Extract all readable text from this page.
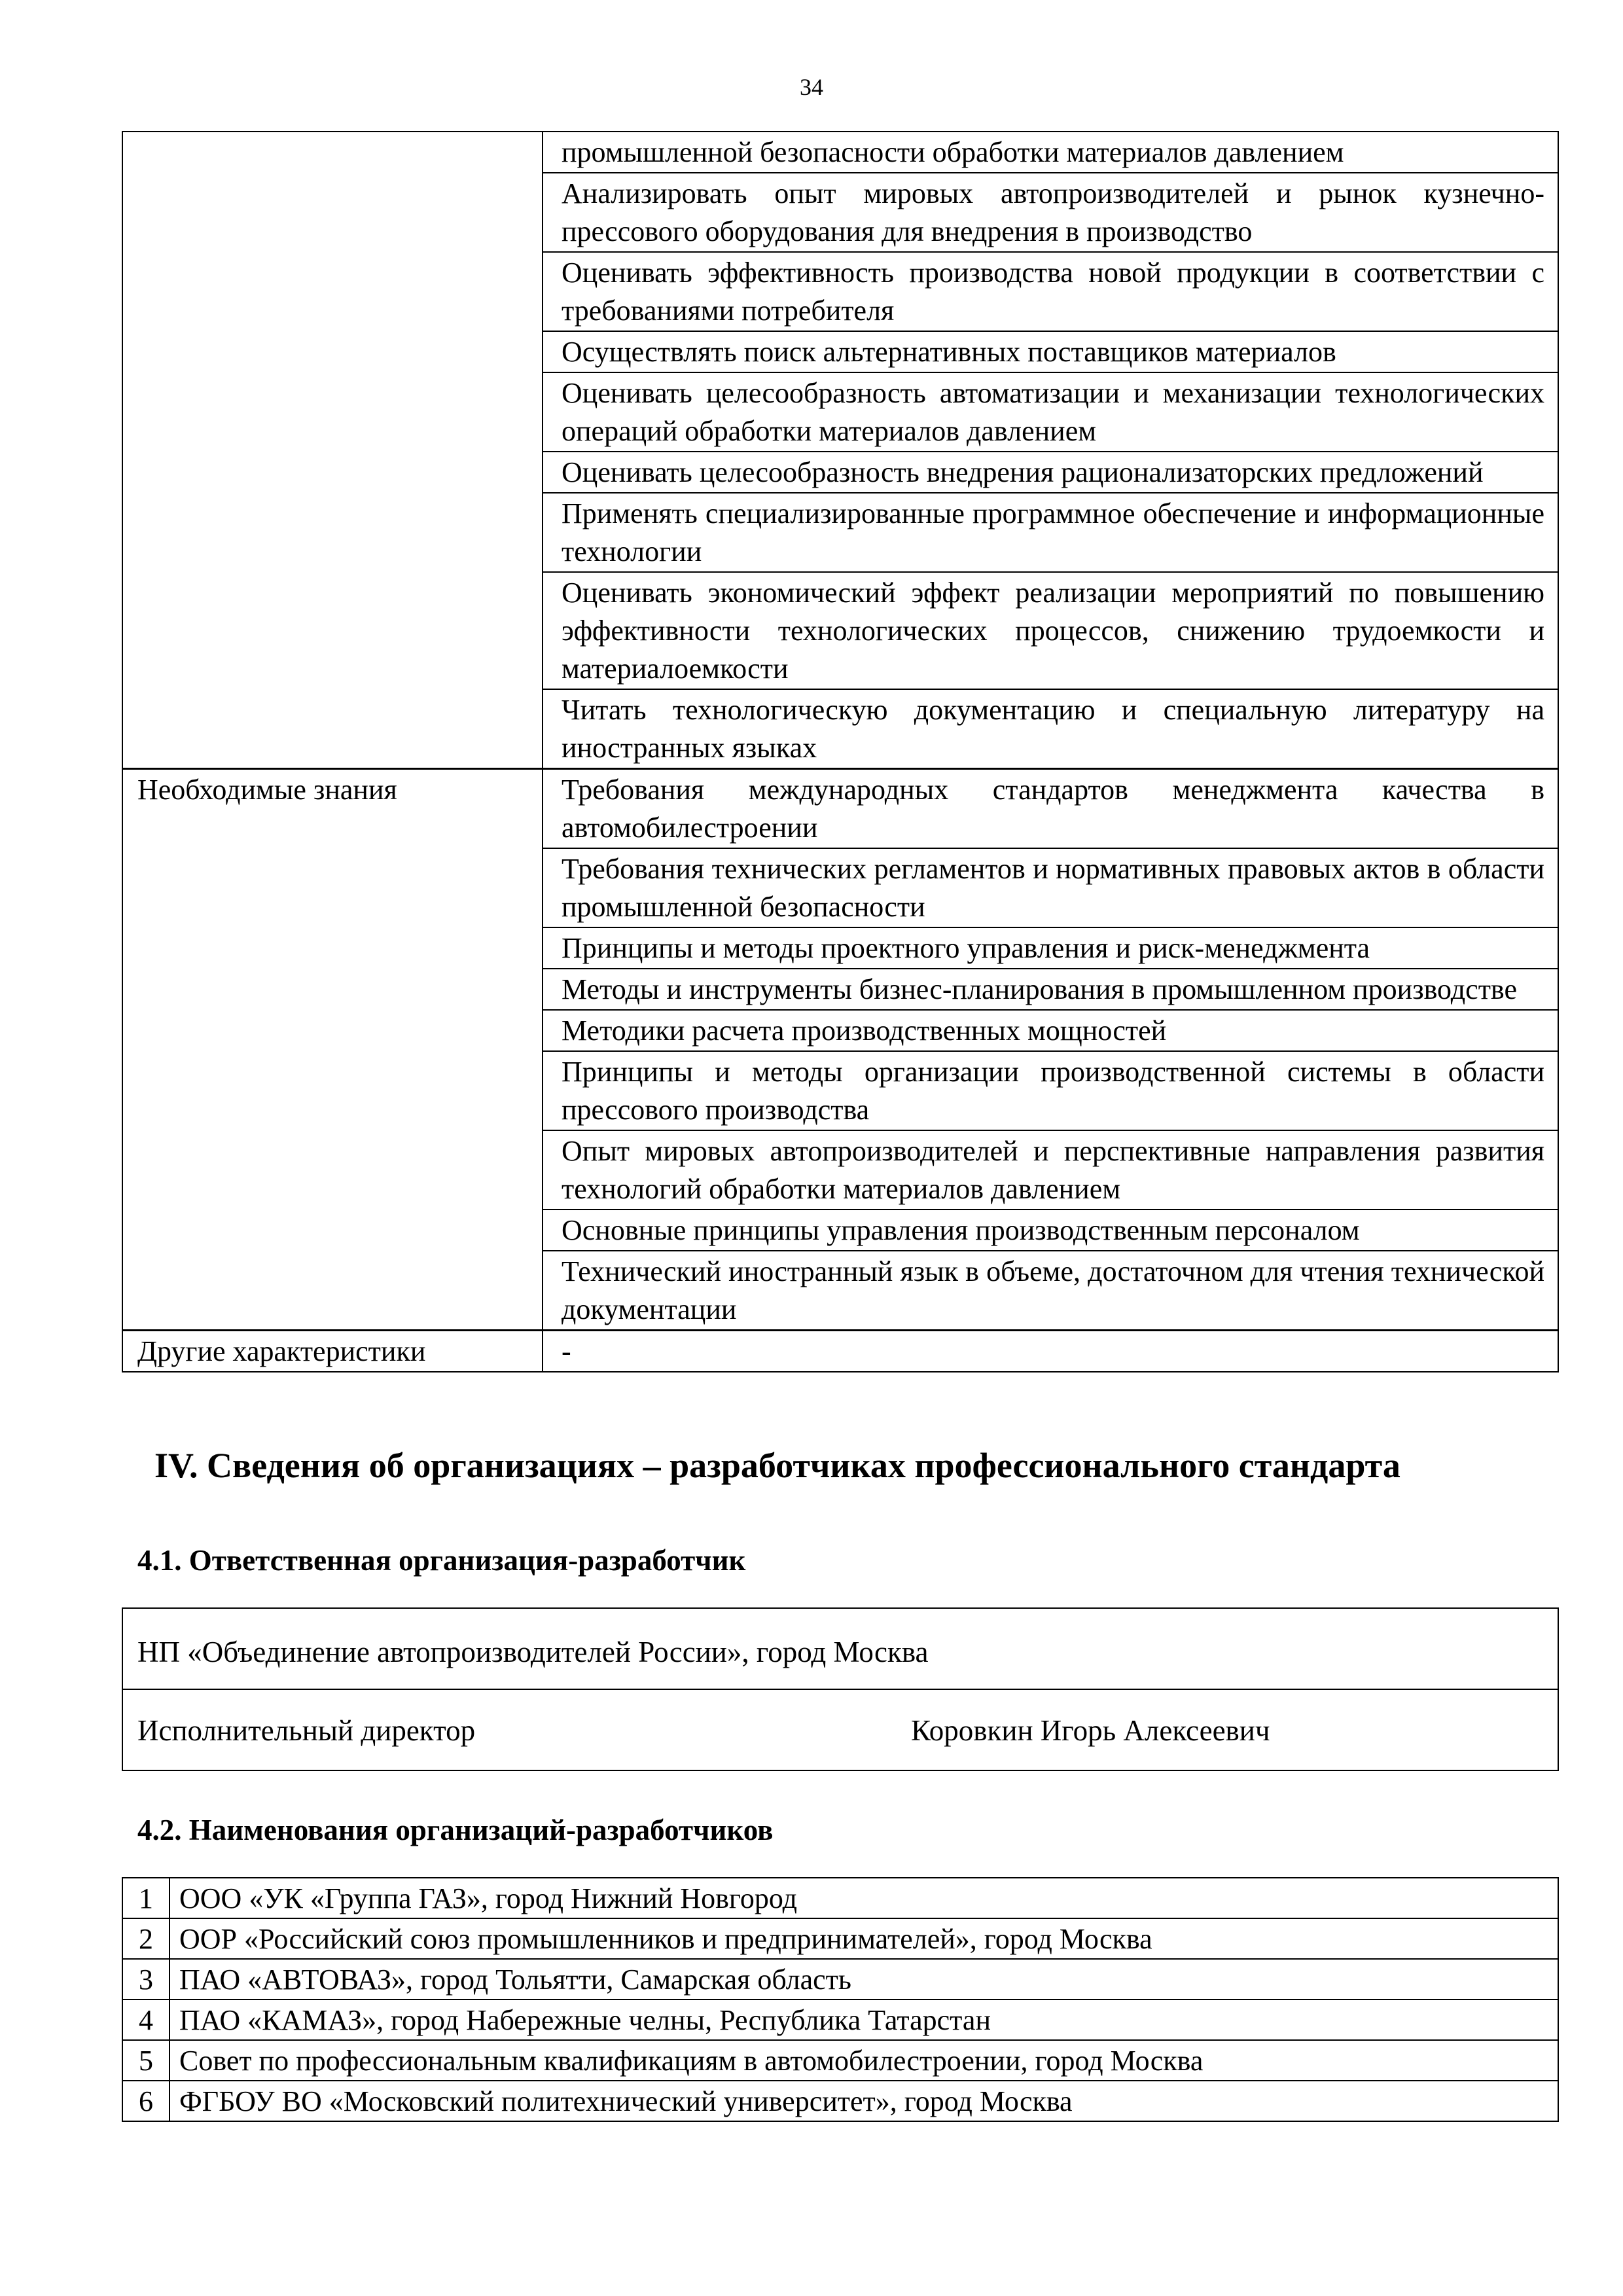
34
	промышленной безопасности обработки материалов давлением
	Анализировать опыт мировых автопроизводителей и рынок кузнечно-прессового оборудования для внедрения в производство
	Оценивать эффективность производства новой продукции в соответствии с требованиями потребителя
	Осуществлять поиск альтернативных поставщиков материалов
	Оценивать целесообразность автоматизации и механизации технологических операций обработки материалов давлением
	Оценивать целесообразность внедрения рационализаторских предложений
	Применять специализированные программное обеспечение и информационные технологии
	Оценивать экономический эффект реализации мероприятий по повышению эффективности технологических процессов, снижению трудоемкости и материалоемкости
	Читать технологическую документацию и специальную литературу на иностранных языках
Необходимые знания	Требования международных стандартов менеджмента качества в автомобилестроении
	Требования технических регламентов и нормативных правовых актов в области промышленной безопасности
	Принципы и методы проектного управления и риск-менеджмента
	Методы и инструменты бизнес-планирования в промышленном производстве
	Методики расчета производственных мощностей
	Принципы и методы организации производственной системы в области прессового производства
	Опыт мировых автопроизводителей и перспективные направления развития технологий обработки материалов давлением
	Основные принципы управления производственным персоналом
	Технический иностранный язык в объеме, достаточном для чтения технической документации
Другие характеристики	-
IV. Сведения об организациях – разработчиках профессионального стандарта
4.1. Ответственная организация-разработчик
НП «Объединение автопроизводителей России», город Москва
Исполнительный директор	Коровкин Игорь Алексеевич
4.2. Наименования организаций-разработчиков
1	ООО «УК «Группа ГАЗ», город Нижний Новгород
2	ООР «Российский союз промышленников и предпринимателей», город Москва
3	ПАО «АВТОВАЗ», город Тольятти, Самарская область
4	ПАО «КАМАЗ», город Набережные челны, Республика Татарстан
5	Совет по профессиональным квалификациям в автомобилестроении, город Москва
6	ФГБОУ ВО «Московский политехнический университет», город Москва
